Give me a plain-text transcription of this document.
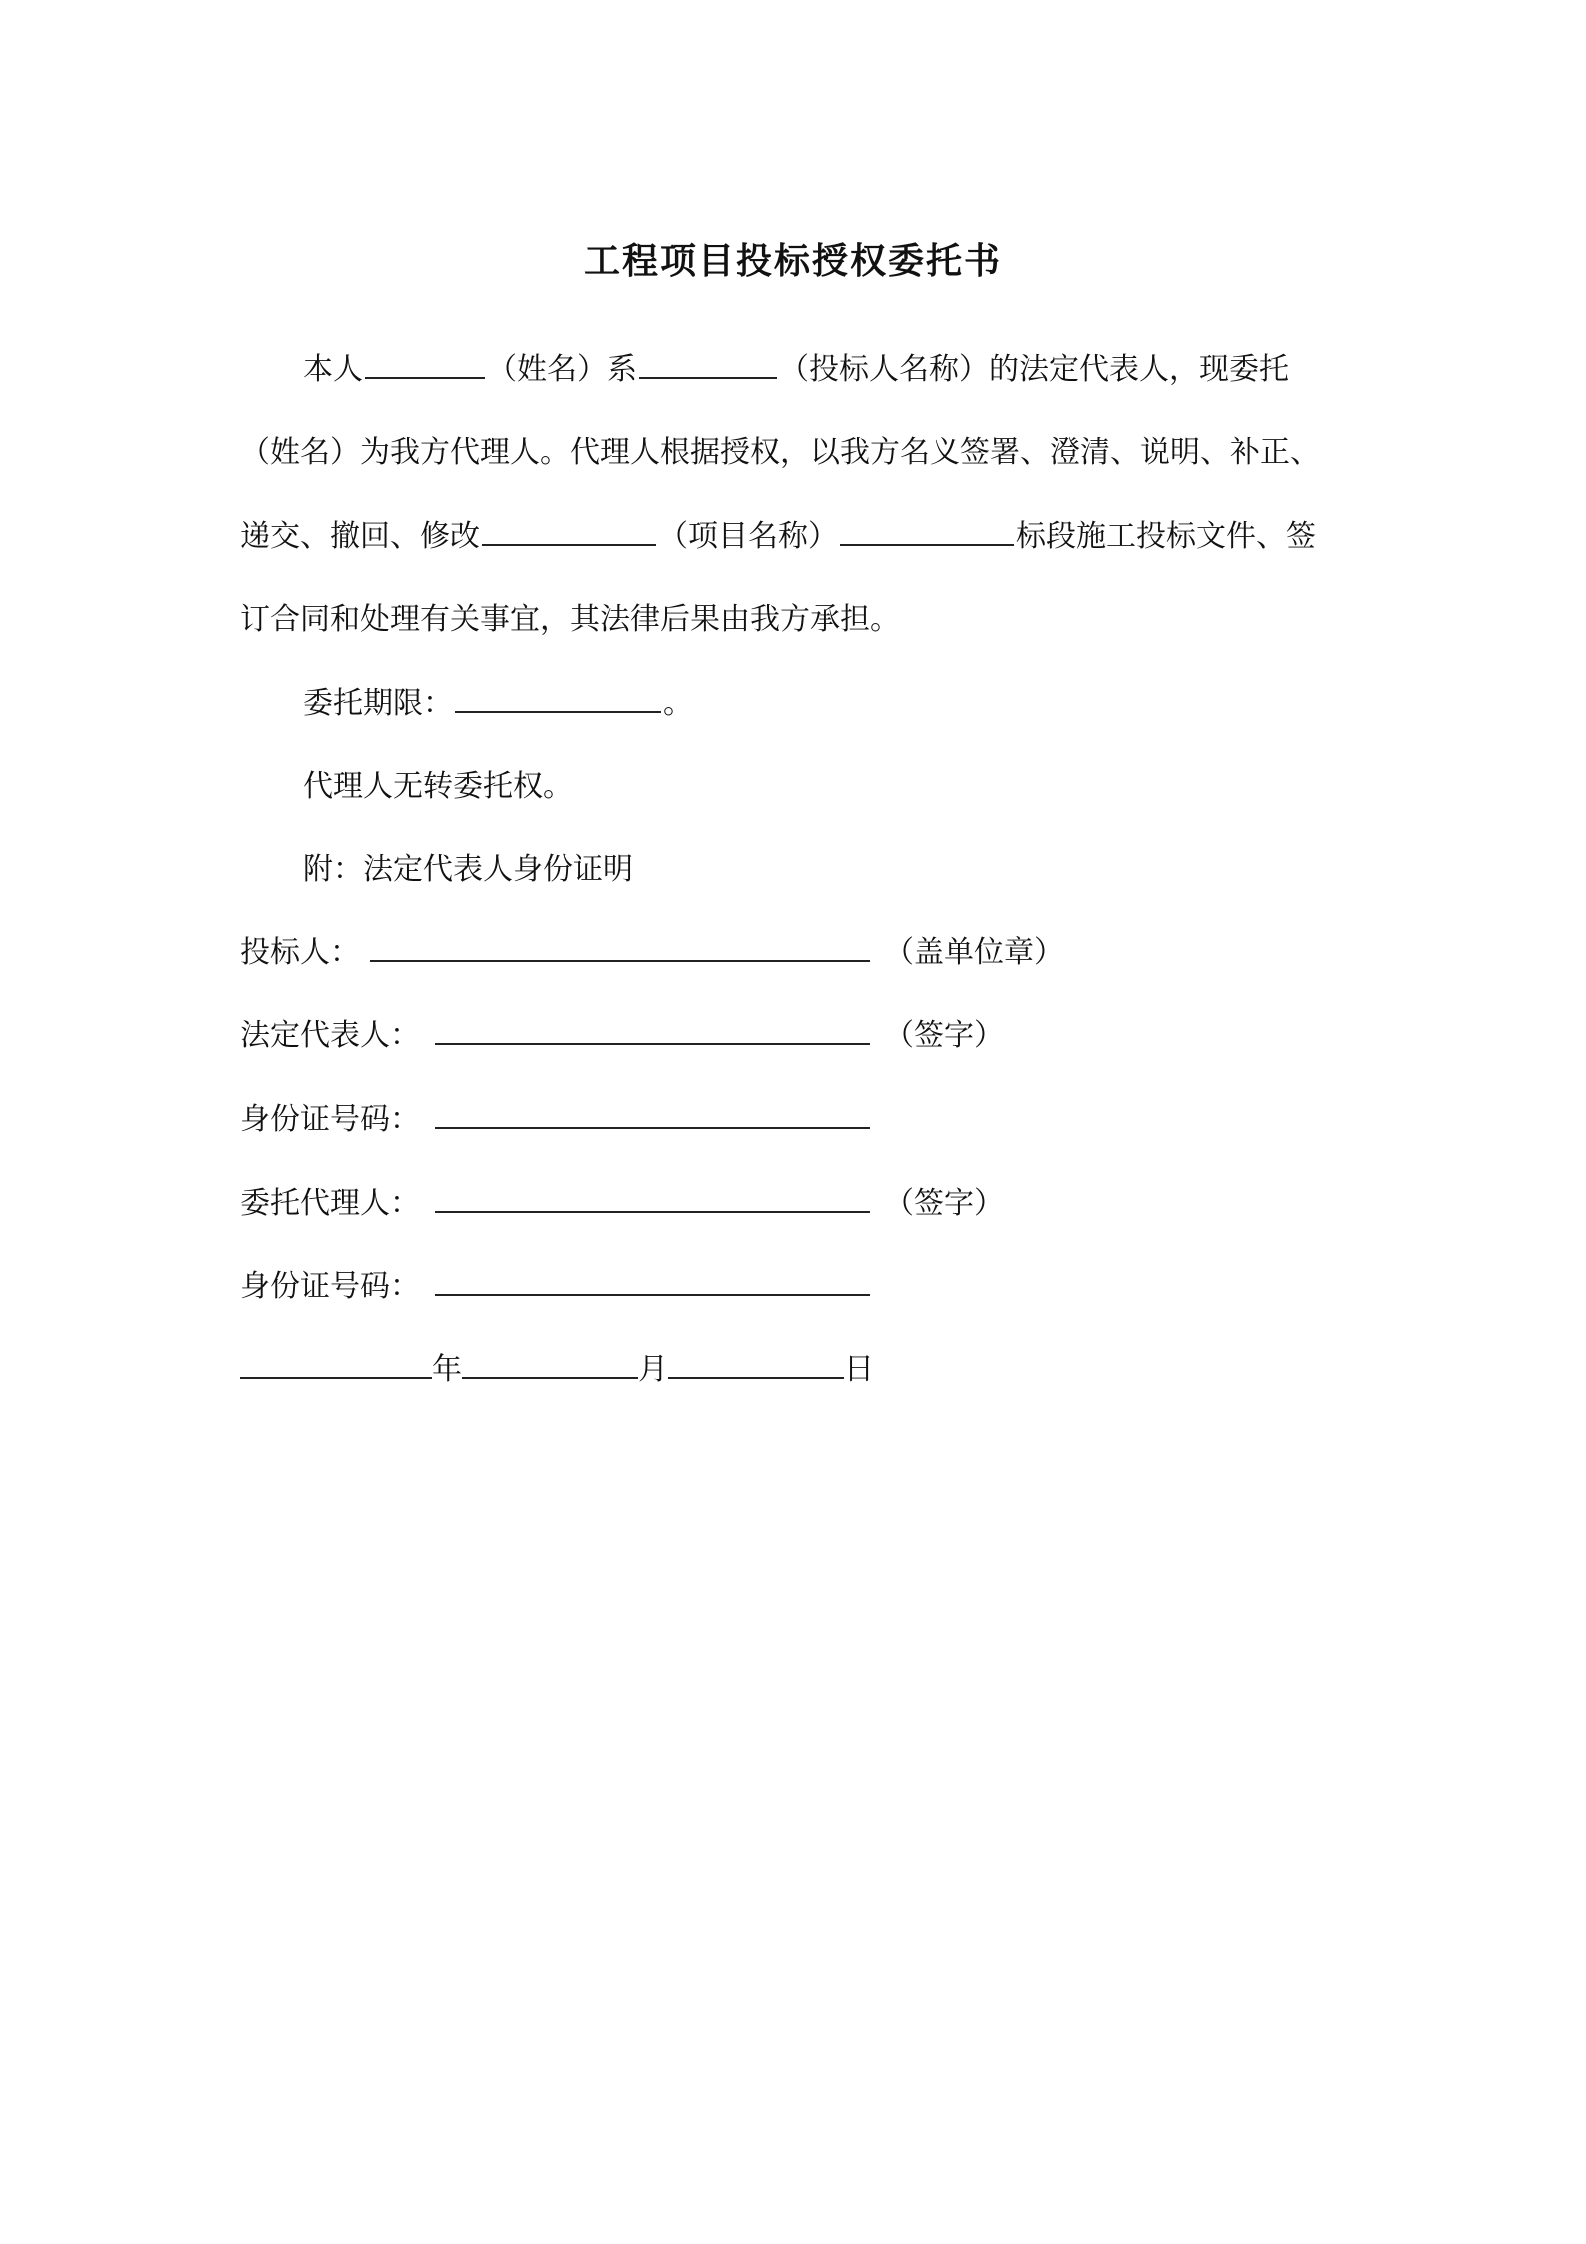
工程项目投标授权委托书
本人	（姓名）系	（投标人名称）的法定代表人，现委托
（姓名）为我方代理人。代理人根据授权，以我方名义签署、澄清、说明、补正、
递交、撤回、修改	（项目名称）	标段施工投标文件、签
订合同和处理有关事宜，其法律后果由我方承担。
委托期限：	。
代理人无转委托权。
附：法定代表人身份证明
投标人：	（盖单位章）
法定代表人：	（签字）
身份证号码：
委托代理人：	（签字）
身份证号码：
年	月	日
